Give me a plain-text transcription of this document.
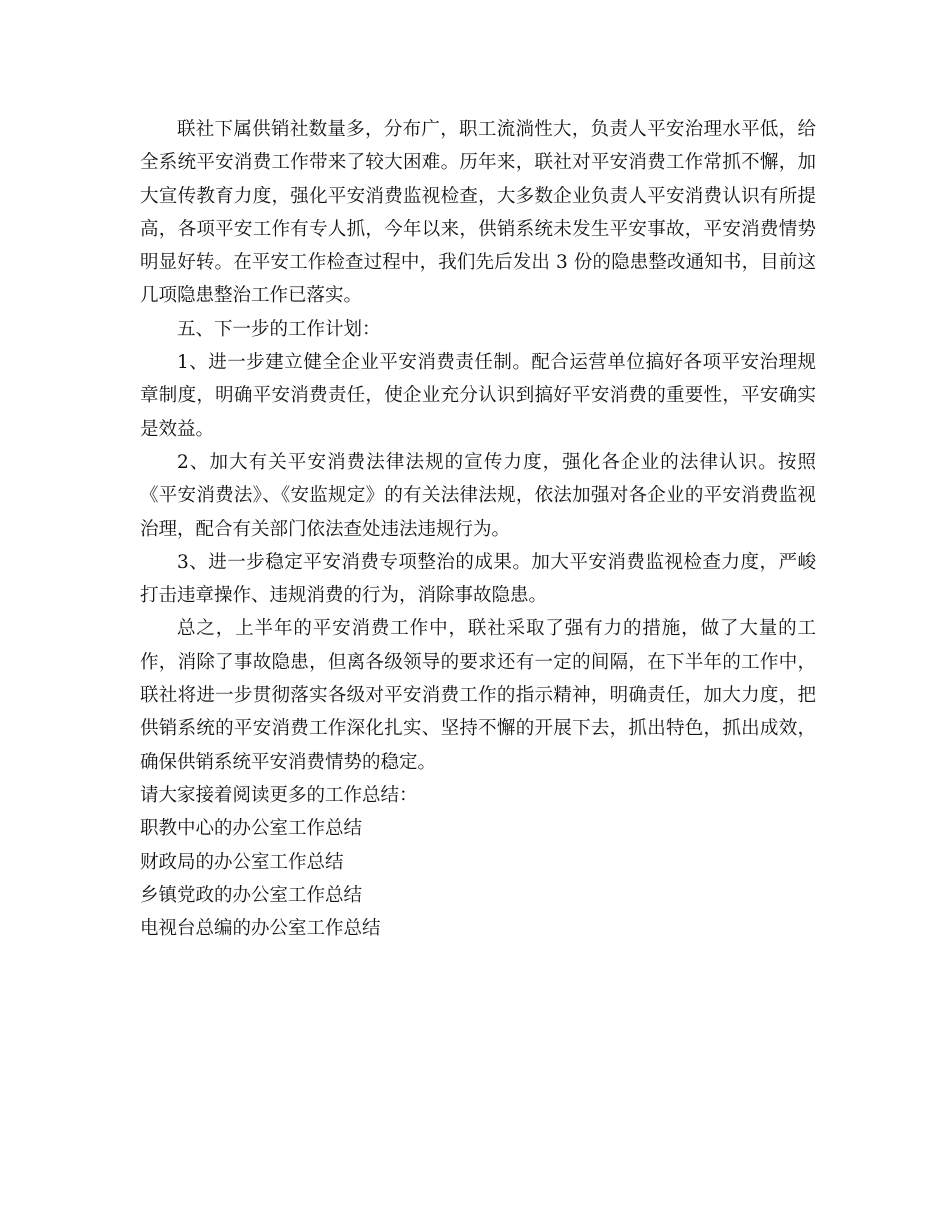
联社下属供销社数量多，分布广，职工流淌性大，负责人平安治理水平低，给全系统平安消费工作带来了较大困难。历年来，联社对平安消费工作常抓不懈，加大宣传教育力度，强化平安消费监视检查，大多数企业负责人平安消费认识有所提高，各项平安工作有专人抓，今年以来，供销系统未发生平安事故，平安消费情势明显好转。在平安工作检查过程中，我们先后发出 3 份的隐患整改通知书，目前这几项隐患整治工作已落实。

五、下一步的工作计划：

1、进一步建立健全企业平安消费责任制。配合运营单位搞好各项平安治理规章制度，明确平安消费责任，使企业充分认识到搞好平安消费的重要性，平安确实是效益。

2、加大有关平安消费法律法规的宣传力度，强化各企业的法律认识。按照《平安消费法》、《安监规定》的有关法律法规，依法加强对各企业的平安消费监视治理，配合有关部门依法查处违法违规行为。

3、进一步稳定平安消费专项整治的成果。加大平安消费监视检查力度，严峻打击违章操作、违规消费的行为，消除事故隐患。

总之，上半年的平安消费工作中，联社采取了强有力的措施，做了大量的工作，消除了事故隐患，但离各级领导的要求还有一定的间隔，在下半年的工作中，联社将进一步贯彻落实各级对平安消费工作的指示精神，明确责任，加大力度，把供销系统的平安消费工作深化扎实、坚持不懈的开展下去，抓出特色，抓出成效，确保供销系统平安消费情势的稳定。

请大家接着阅读更多的工作总结：

职教中心的办公室工作总结
财政局的办公室工作总结
乡镇党政的办公室工作总结
电视台总编的办公室工作总结
